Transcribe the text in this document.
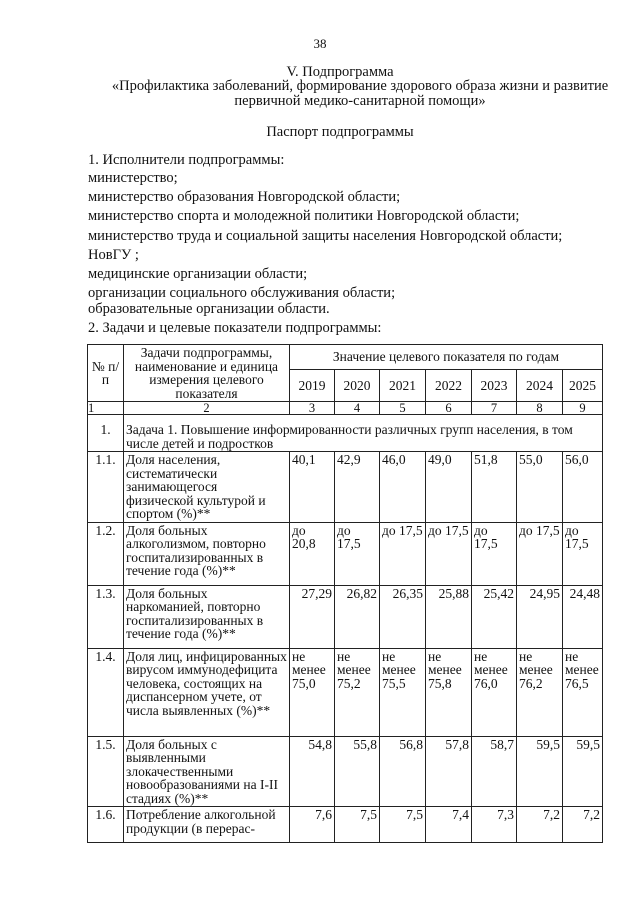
38
V. Подпрограмма
«Профилактика заболеваний, формирование здорового образа жизни и развитие
первичной медико-санитарной помощи»
Паспорт подпрограммы
1. Исполнители подпрограммы:
министерство;
министерство образования Новгородской области;
министерство спорта и молодежной политики Новгородской области;
министерство труда и социальной защиты населения Новгородской области;
НовГУ ;
медицинские организации области;
организации социального обслуживания области;
образовательные организации области.
2. Задачи и целевые показатели подпрограммы:
№ п/п	Задачи подпрограммы, наименование и единица измерения целевого показателя	Значение целевого показателя по годам						
		2019	2020	2021	2022	2023	2024	2025
1	2	3	4	5	6	7	8	9
1.	Задача 1. Повышение информированности различных групп населения, в том числе детей и подростков							
1.1.	Доля населения, систематически занимающегося физической культурой и спортом (%)**	40,1	42,9	46,0	49,0	51,8	55,0	56,0
1.2.	Доля больных алкоголизмом, повторно госпитализированных в течение года (%)**	до 20,8	до 17,5	до 17,5	до 17,5	до 17,5	до 17,5	до 17,5
1.3.	Доля больных наркоманией, повторно госпитализированных в течение года (%)**	27,29	26,82	26,35	25,88	25,42	24,95	24,48
1.4.	Доля лиц, инфицированных вирусом иммунодефицита человека, состоящих на диспансерном учете, от числа выявленных (%)**	не менее 75,0	не менее 75,2	не менее 75,5	не менее 75,8	не менее 76,0	не менее 76,2	не менее 76,5
1.5.	Доля больных с выявленными злокачественными новообразованиями на I-II стадиях (%)**	54,8	55,8	56,8	57,8	58,7	59,5	59,5
1.6.	Потребление алкогольной продукции (в перерас-	7,6	7,5	7,5	7,4	7,3	7,2	7,2
